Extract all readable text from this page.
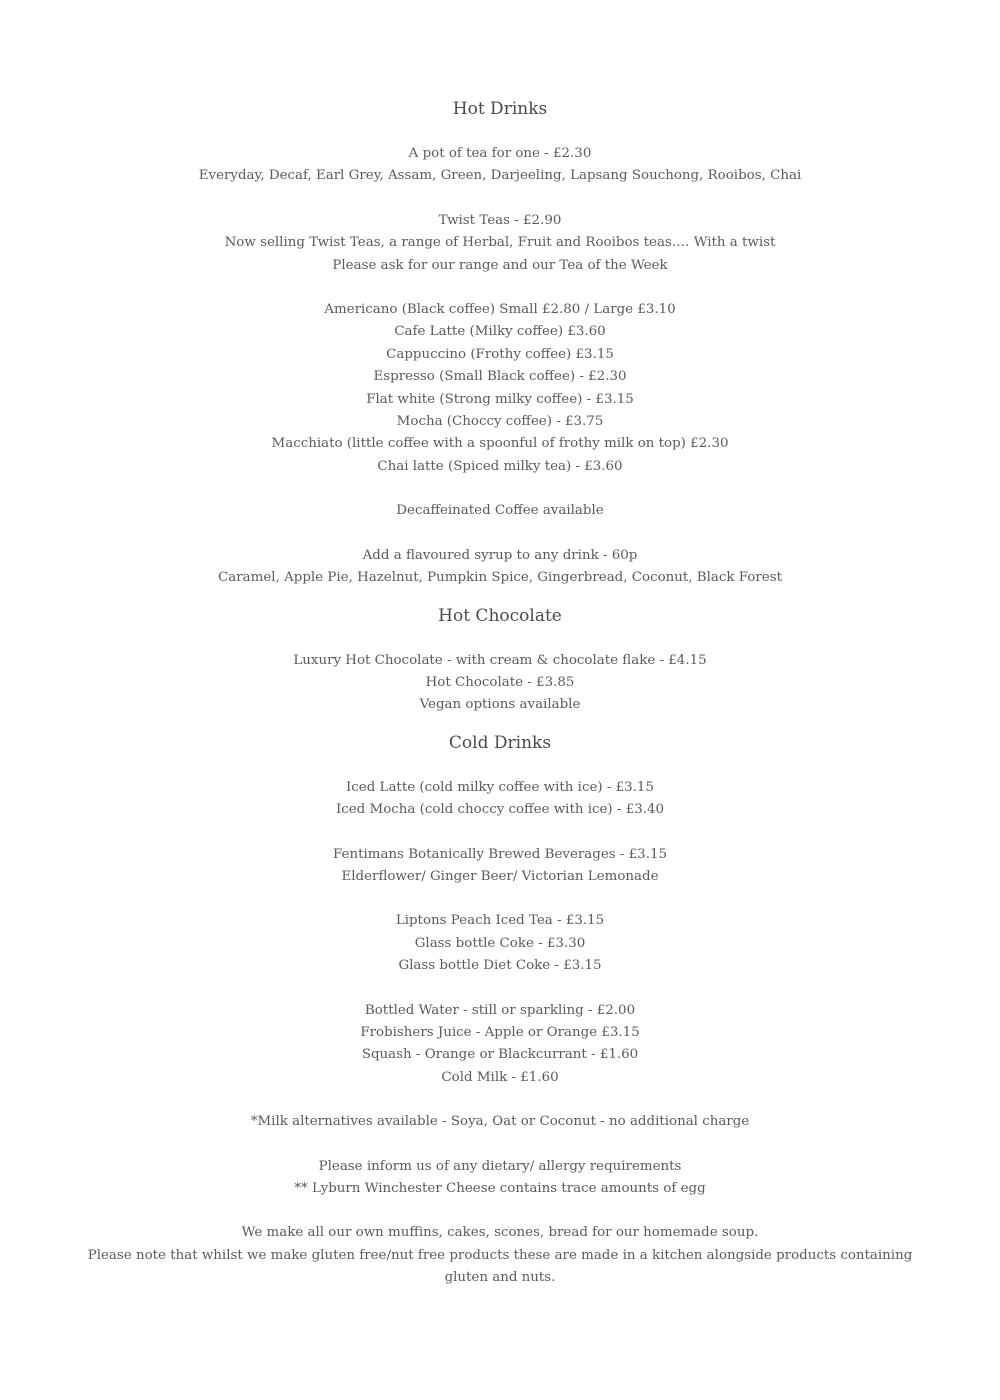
Hot Drinks

A pot of tea for one - £2.30

Everyday, Decaf, Earl Grey, Assam, Green, Darjeeling, Lapsang Souchong, Rooibos, Chai

Twist Teas - £2.90

Now selling Twist Teas, a range of Herbal, Fruit and Rooibos teas…. With a twist

Please ask for our range and our Tea of the Week

Americano (Black coffee) Small £2.80 / Large £3.10

Cafe Latte (Milky coffee) £3.60

Cappuccino (Frothy coffee) £3.15

Espresso (Small Black coffee) - £2.30

Flat white (Strong milky coffee) - £3.15

Mocha (Choccy coffee) - £3.75

Macchiato (little coffee with a spoonful of frothy milk on top) £2.30

Chai latte (Spiced milky tea) - £3.60

Decaffeinated Coffee available

Add a flavoured syrup to any drink - 60p

Caramel, Apple Pie, Hazelnut, Pumpkin Spice, Gingerbread, Coconut, Black Forest

Hot Chocolate

Luxury Hot Chocolate - with cream & chocolate flake - £4.15

Hot Chocolate - £3.85

Vegan options available

Cold Drinks

Iced Latte (cold milky coffee with ice) - £3.15

Iced Mocha (cold choccy coffee with ice) - £3.40

Fentimans Botanically Brewed Beverages - £3.15

Elderflower/ Ginger Beer/ Victorian Lemonade

Liptons Peach Iced Tea - £3.15

Glass bottle Coke - £3.30

Glass bottle Diet Coke - £3.15

Bottled Water - still or sparkling - £2.00

Frobishers Juice - Apple or Orange £3.15

Squash - Orange or Blackcurrant - £1.60

Cold Milk - £1.60

*Milk alternatives available - Soya, Oat or Coconut - no additional charge

Please inform us of any dietary/ allergy requirements

** Lyburn Winchester Cheese contains trace amounts of egg

We make all our own muffins, cakes, scones, bread for our homemade soup.

Please note that whilst we make gluten free/nut free products these are made in a kitchen alongside products containing gluten and nuts.
